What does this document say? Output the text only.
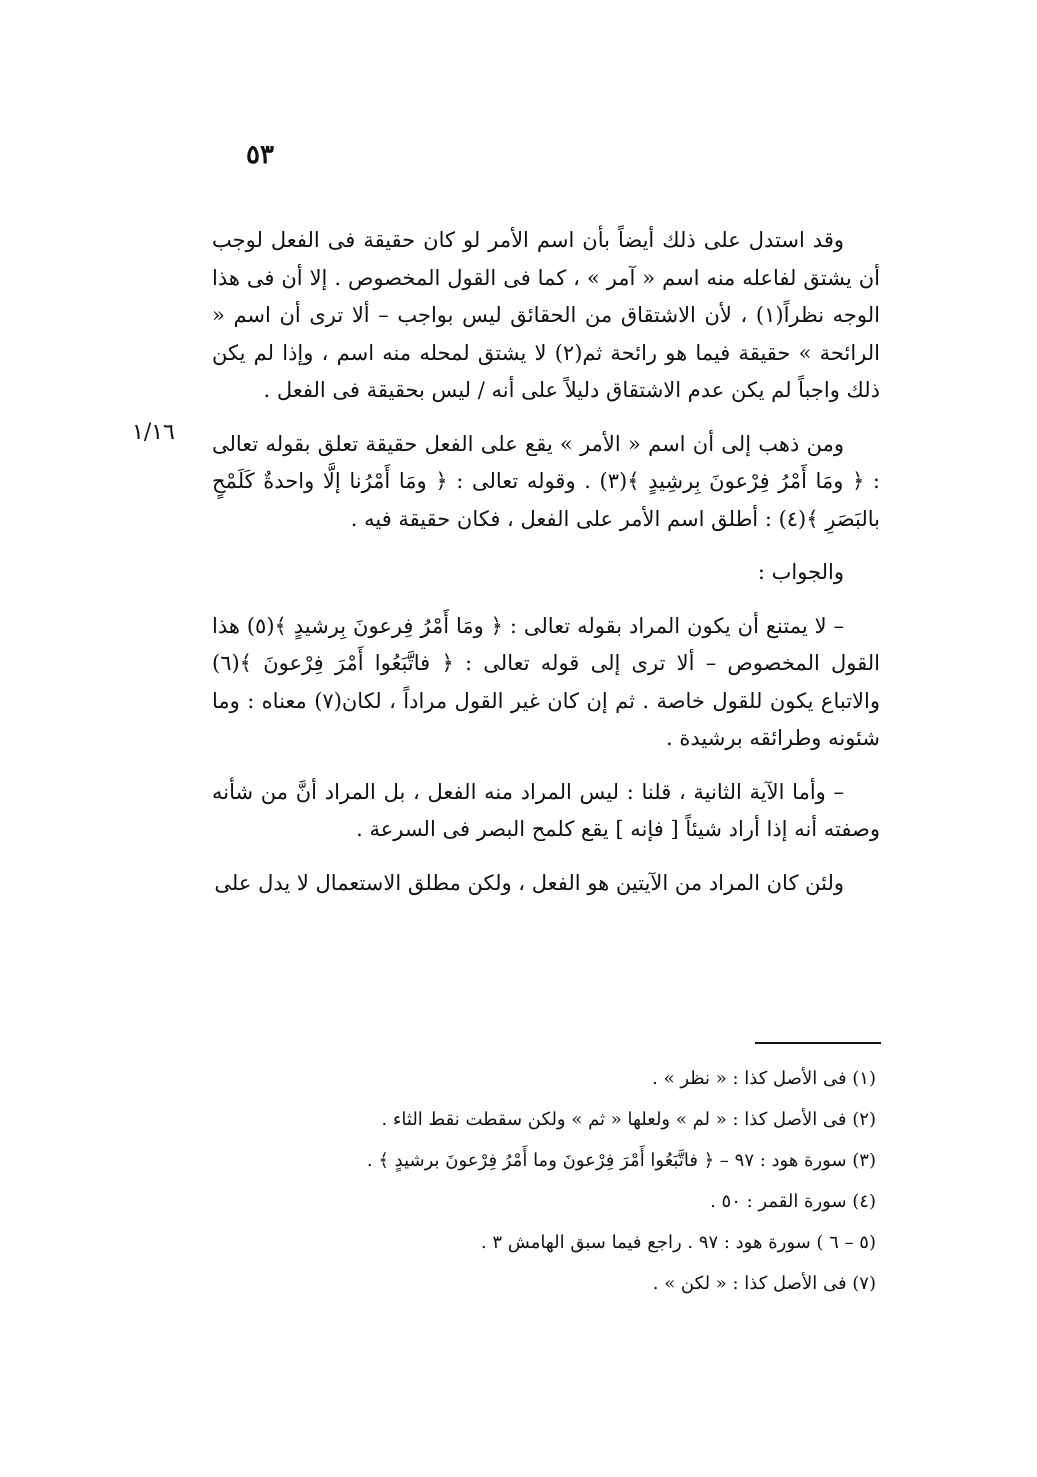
٥٣
١/١٦

وقد استدل على ذلك أيضاً بأن اسم الأمر لو كان حقيقة فى الفعل لوجب أن يشتق لفاعله منه اسم « آمر » ، كما فى القول المخصوص . إلا أن فى هذا الوجه نظراً(١) ، لأن الاشتقاق من الحقائق ليس بواجب – ألا ترى أن اسم « الرائحة » حقيقة فيما هو رائحة ثم(٢) لا يشتق لمحله منه اسم ، وإذا لم يكن ذلك واجباً لم يكن عدم الاشتقاق دليلاً على أنه / ليس بحقيقة فى الفعل .

ومن ذهب إلى أن اسم « الأمر » يقع على الفعل حقيقة تعلق بقوله تعالى : ﴿ ومَا أَمْرُ فِرْعونَ بِرشِيدٍ ﴾(٣) . وقوله تعالى : ﴿ ومَا أَمْرُنا إلَّا واحدةٌ كَلَمْحٍ بالبَصَرِ ﴾(٤) : أطلق اسم الأمر على الفعل ، فكان حقيقة فيه .

والجواب :

– لا يمتنع أن يكون المراد بقوله تعالى : ﴿ ومَا أَمْرُ فِرعونَ بِرشيدٍ ﴾(٥) هذا القول المخصوص – ألا ترى إلى قوله تعالى : ﴿ فاتَّبَعُوا أَمْرَ فِرْعونَ ﴾(٦) والاتباع يكون للقول خاصة . ثم إن كان غير القول مراداً ، لكان(٧) معناه : وما شئونه وطرائقه برشيدة .

– وأما الآية الثانية ، قلنا : ليس المراد منه الفعل ، بل المراد أنَّ من شأنه وصفته أنه إذا أراد شيئاً [ فإنه ] يقع كلمح البصر فى السرعة .

ولئن كان المراد من الآيتين هو الفعل ، ولكن مطلق الاستعمال لا يدل على

(١) فى الأصل كذا : « نظر » .

(٢) فى الأصل كذا : « لم » ولعلها « ثم » ولكن سقطت نقط الثاء .

(٣) سورة هود : ٩٧ – ﴿ فاتَّبَعُوا أَمْرَ فِرْعونَ وما أَمْرُ فِرْعونَ برشيدٍ ﴾ .

(٤) سورة القمر : ٥٠ .

(٥ – ٦ ) سورة هود : ٩٧ . راجع فيما سبق الهامش ٣ .

(٧) فى الأصل كذا : « لكن » .
